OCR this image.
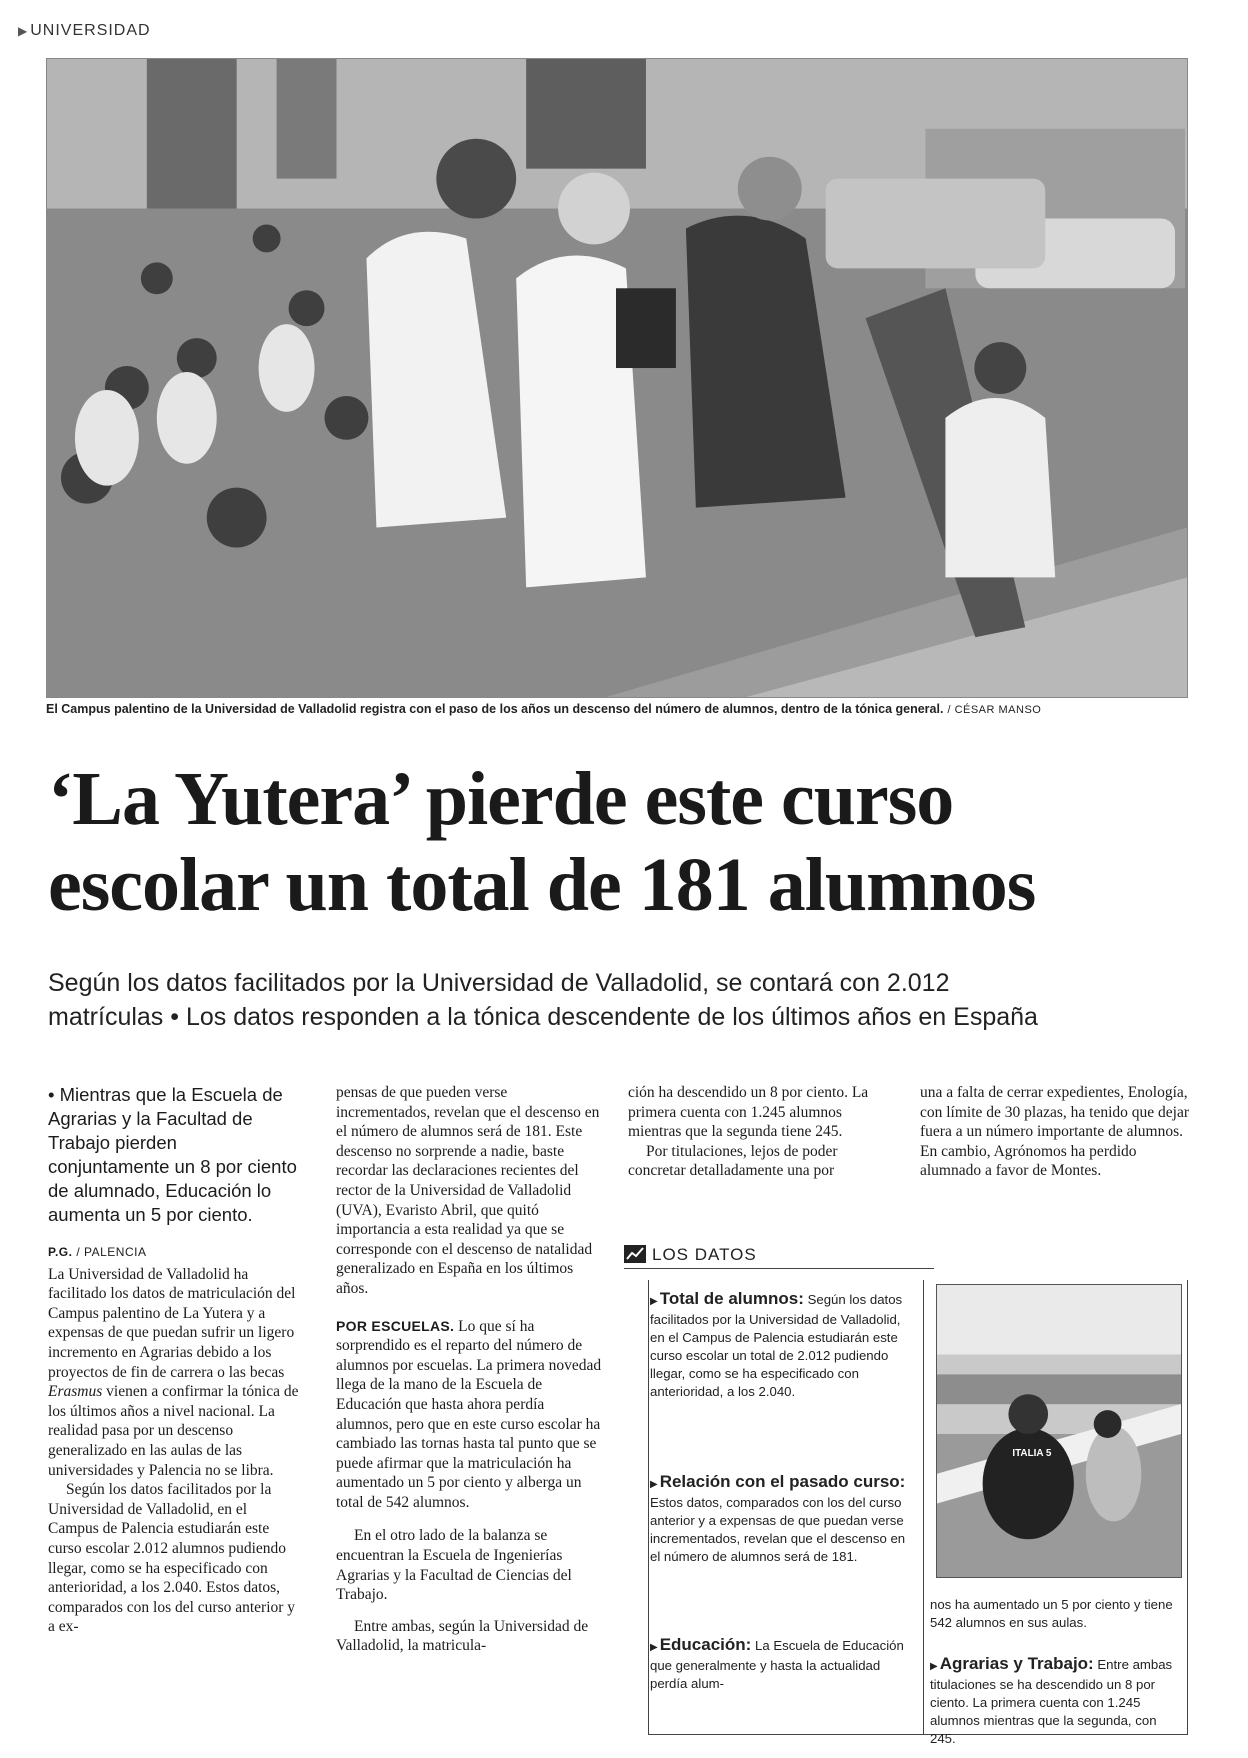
▶ UNIVERSIDAD
El Campus palentino de la Universidad de Valladolid registra con el paso de los años un descenso del número de alumnos, dentro de la tónica general. / CÉSAR MANSO
‘La Yutera’ pierde este curso
escolar un total de 181 alumnos
Según los datos facilitados por la Universidad de Valladolid, se contará con 2.012
matrículas • Los datos responden a la tónica descendente de los últimos años en España
• Mientras que la Escuela de Agrarias y la Facultad de Trabajo pierden conjuntamente un 8 por ciento de alumnado, Educación lo aumenta un 5 por ciento.
P.G. / PALENCIA

La Universidad de Valladolid ha facilitado los datos de matriculación del Campus palentino de La Yutera y a expensas de que puedan sufrir un ligero incremento en Agrarias debido a los proyectos de fin de carrera o las becas Erasmus vienen a confirmar la tónica de los últimos años a nivel nacional. La realidad pasa por un descenso generalizado en las aulas de las universidades y Palencia no se libra.

Según los datos facilitados por la Universidad de Valladolid, en el Campus de Palencia estudiarán este curso escolar 2.012 alumnos pudiendo llegar, como se ha especificado con anterioridad, a los 2.040. Estos datos, comparados con los del curso anterior y a ex-

pensas de que pueden verse incrementados, revelan que el descenso en el número de alumnos será de 181. Este descenso no sorprende a nadie, baste recordar las declaraciones recientes del rector de la Universidad de Valladolid (UVA), Evaristo Abril, que quitó importancia a esta realidad ya que se corresponde con el descenso de natalidad generalizado en España en los últimos años.

POR ESCUELAS. Lo que sí ha sorprendido es el reparto del número de alumnos por escuelas. La primera novedad llega de la mano de la Escuela de Educación que hasta ahora perdía alumnos, pero que en este curso escolar ha cambiado las tornas hasta tal punto que se puede afirmar que la matriculación ha aumentado un 5 por ciento y alberga un total de 542 alumnos.

En el otro lado de la balanza se encuentran la Escuela de Ingenierías Agrarias y la Facultad de Ciencias del Trabajo.

Entre ambas, según la Universidad de Valladolid, la matricula-

ción ha descendido un 8 por ciento. La primera cuenta con 1.245 alumnos mientras que la segunda tiene 245.

Por titulaciones, lejos de poder concretar detalladamente una por

una a falta de cerrar expedientes, Enología, con límite de 30 plazas, ha tenido que dejar fuera a un número importante de alumnos. En cambio, Agrónomos ha perdido alumnado a favor de Montes.

LOS DATOS
▶ Total de alumnos: Según los datos facilitados por la Universidad de Valladolid, en el Campus de Palencia estudiarán este curso escolar un total de 2.012 pudiendo llegar, como se ha especificado con anterioridad, a los 2.040.
▶ Relación con el pasado curso: Estos datos, comparados con los del curso anterior y a expensas de que puedan verse incrementados, revelan que el descenso en el número de alumnos será de 181.
▶ Educación: La Escuela de Educación que generalmente y hasta la actualidad perdía alum-
ITALIA 5
nos ha aumentado un 5 por ciento y tiene 542 alumnos en sus aulas.
▶ Agrarias y Trabajo: Entre ambas titulaciones se ha descendido un 8 por ciento. La primera cuenta con 1.245 alumnos mientras que la segunda, con 245.
